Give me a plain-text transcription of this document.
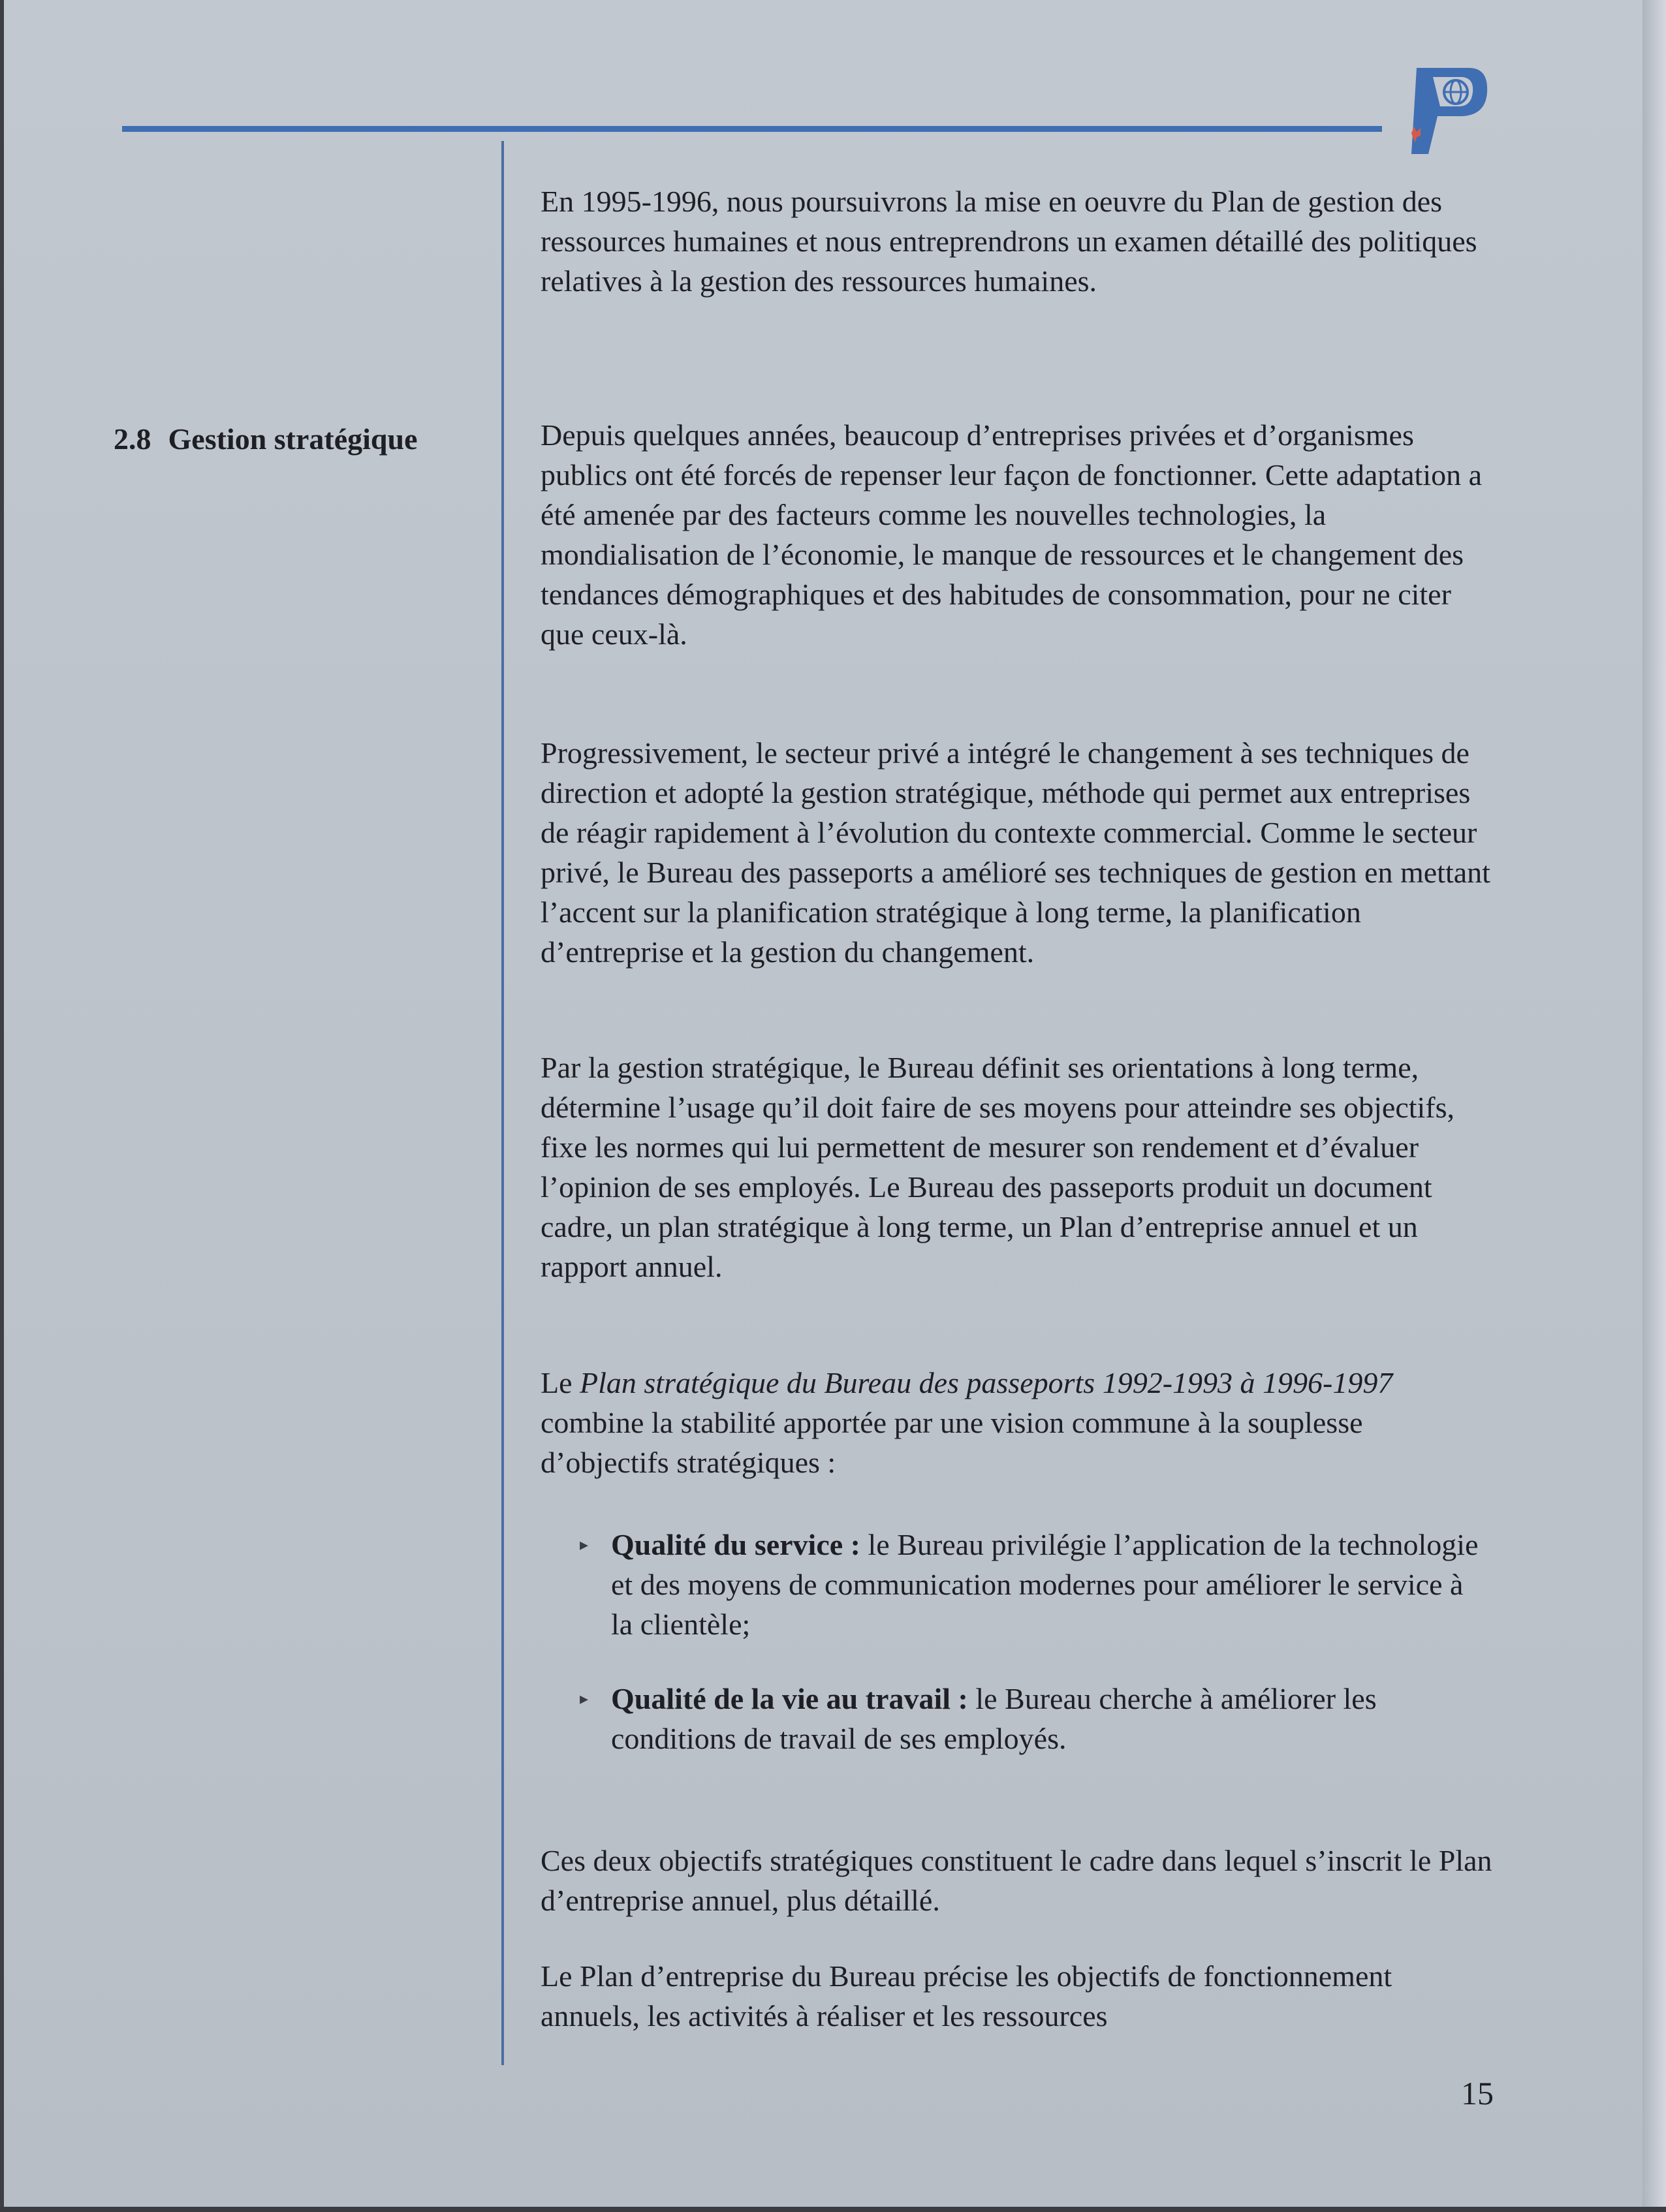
2.8 Gestion stratégique

En 1995-1996, nous poursuivrons la mise en oeuvre du Plan de gestion des ressources humaines et nous entreprendrons un examen détaillé des politiques relatives à la gestion des ressources humaines.

Depuis quelques années, beaucoup d’entreprises privées et d’organismes publics ont été forcés de repenser leur façon de fonctionner. Cette adaptation a été amenée par des facteurs comme les nouvelles technologies, la mondialisation de l’économie, le manque de ressources et le changement des tendances démographiques et des habitudes de consommation, pour ne citer que ceux-là.

Progressivement, le secteur privé a intégré le changement à ses techniques de direction et adopté la gestion stratégique, méthode qui permet aux entreprises de réagir rapidement à l’évolution du contexte commercial. Comme le secteur privé, le Bureau des passeports a amélioré ses techniques de gestion en mettant l’accent sur la planification stratégique à long terme, la planification d’entreprise et la gestion du changement.

Par la gestion stratégique, le Bureau définit ses orientations à long terme, détermine l’usage qu’il doit faire de ses moyens pour atteindre ses objectifs, fixe les normes qui lui permettent de mesurer son rendement et d’évaluer l’opinion de ses employés. Le Bureau des passeports produit un document cadre, un plan stratégique à long terme, un Plan d’entreprise annuel et un rapport annuel.

Le Plan stratégique du Bureau des passeports 1992-1993 à 1996-1997 combine la stabilité apportée par une vision commune à la souplesse d’objectifs stratégiques :

▸ Qualité du service : le Bureau privilégie l’application de la technologie et des moyens de communication modernes pour améliorer le service à la clientèle;
▸ Qualité de la vie au travail : le Bureau cherche à améliorer les conditions de travail de ses employés.

Ces deux objectifs stratégiques constituent le cadre dans lequel s’inscrit le Plan d’entreprise annuel, plus détaillé.

Le Plan d’entreprise du Bureau précise les objectifs de fonctionnement annuels, les activités à réaliser et les ressources

15
